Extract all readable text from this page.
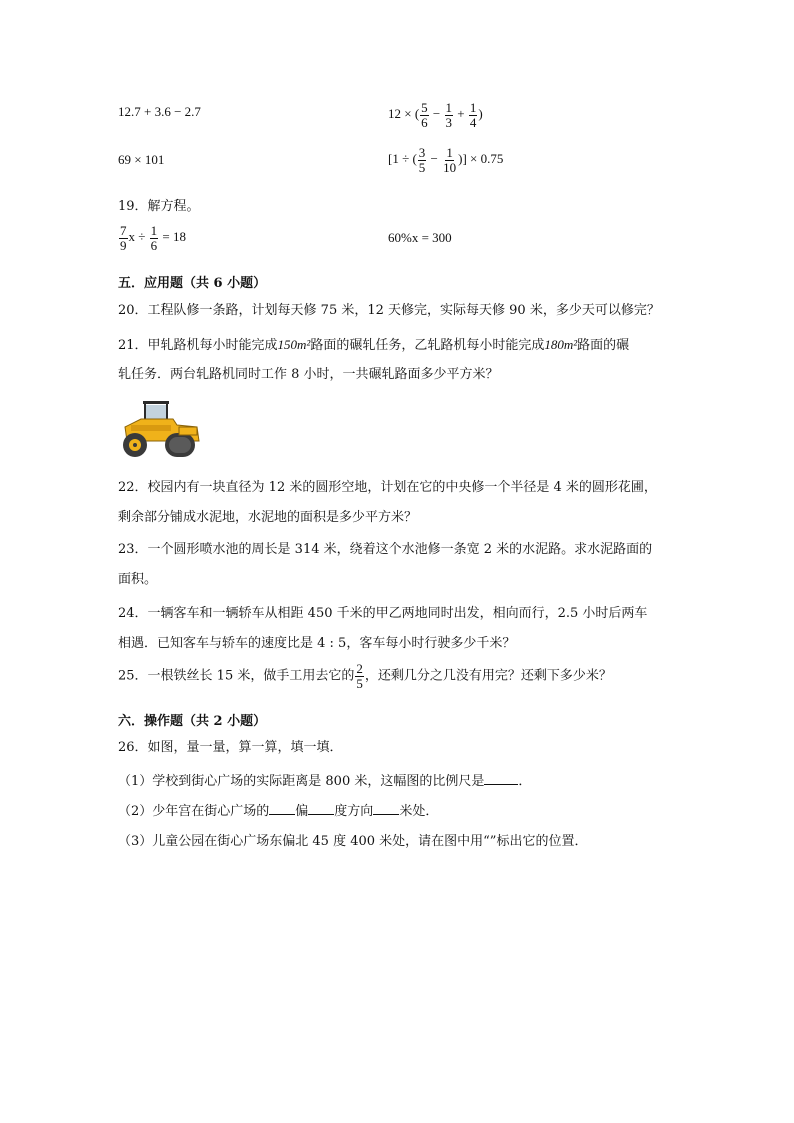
12.7 + 3.6 − 2.7	12 × ( $\frac{5}{6} - \frac{1}{3} + \frac{1}{4}$ )
69 × 101	[1 ÷ ( $\frac{3}{5} - \frac{1}{10}$ )] × 0.75
19．解方程。
$\frac{7}{9}$ $x \div \frac{1}{6} = 18$	60%x = 300
五．应用题（共 6 小题）
20．工程队修一条路，计划每天修 75 米，12 天修完，实际每天修 90 米，多少天可以修完？
21．甲轧路机每小时能完成150m²路面的碾轧任务，乙轧路机每小时能完成180m²路面的碾
轧任务．两台轧路机同时工作 8 小时，一共碾轧路面多少平方米？
22．校园内有一块直径为 12 米的圆形空地，计划在它的中央修一个半径是 4 米的圆形花圃，
剩余部分铺成水泥地，水泥地的面积是多少平方米？
23．一个圆形喷水池的周长是 314 米，绕着这个水池修一条宽 2 米的水泥路。求水泥路面的
面积。
24．一辆客车和一辆轿车从相距 450 千米的甲乙两地同时出发，相向而行，2.5 小时后两车
相遇．已知客车与轿车的速度比是 4 : 5，客车每小时行驶多少千米？
25．一根铁丝长 15 米，做手工用去它的 $\frac{2}{5}$ ，还剩几分之几没有用完？还剩下多少米？
六．操作题（共 2 小题）
26．如图，量一量，算一算，填一填．
（1）学校到街心广场的实际距离是 800 米，这幅图的比例尺是	．
（2）少年宫在街心广场的 偏 度方向 米处．
（3）儿童公园在街心广场东偏北 45 度 400 米处，请在图中用“”标出它的位置．
